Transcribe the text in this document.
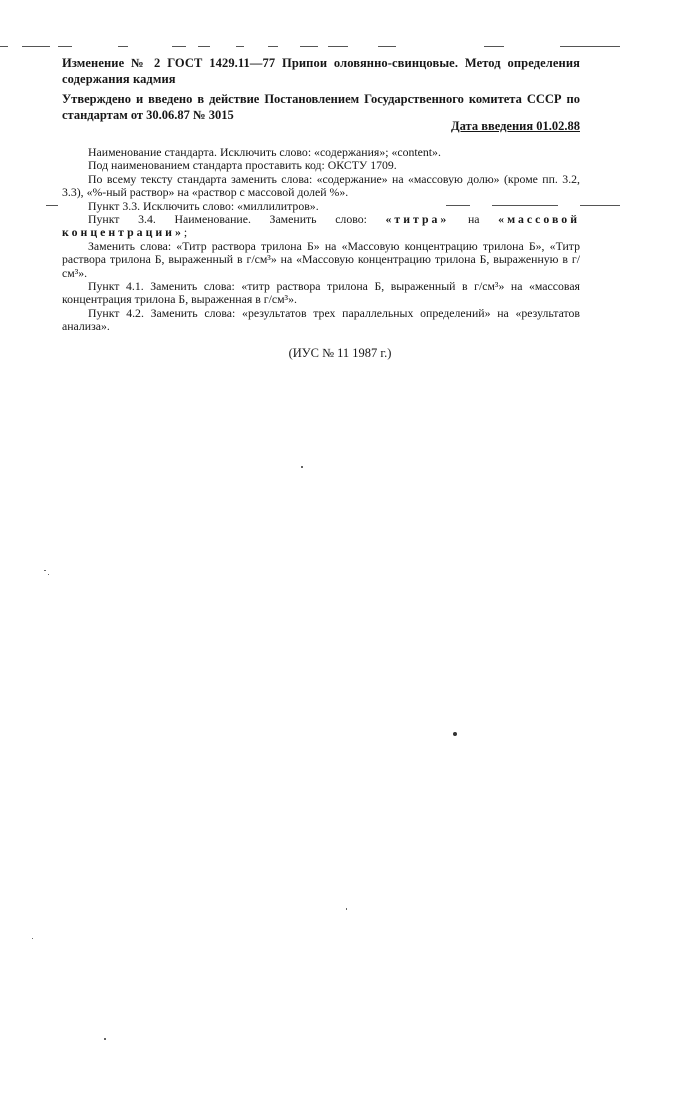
Изменение № 2 ГОСТ 1429.11—77 Припои оловянно-свинцовые. Метод определения содержания кадмия
Утверждено и введено в действие Постановлением Государственного комитета СССР по стандартам от 30.06.87 № 3015
Дата введения 01.02.88

Наименование стандарта. Исключить слово: «содержания»; «content».

Под наименованием стандарта проставить код: ОКСТУ 1709.

По всему тексту стандарта заменить слова: «содержание» на «массовую долю» (кроме пп. 3.2, 3.3), «%-ный раствор» на «раствор с массовой долей %».

Пункт 3.3. Исключить слово: «миллилитров».

Пункт 3.4. Наименование. Заменить слово: «титра» на «массовой концентрации»;

Заменить слова: «Титр раствора трилона Б» на «Массовую концентрацию трилона Б», «Титр раствора трилона Б, выраженный в г/см³» на «Массовую концентрацию трилона Б, выраженную в г/см³».

Пункт 4.1. Заменить слова: «титр раствора трилона Б, выраженный в г/см³» на «массовая концентрация трилона Б, выраженная в г/см³».

Пункт 4.2. Заменить слова: «результатов трех параллельных определений» на «результатов анализа».

(ИУС № 11 1987 г.)
